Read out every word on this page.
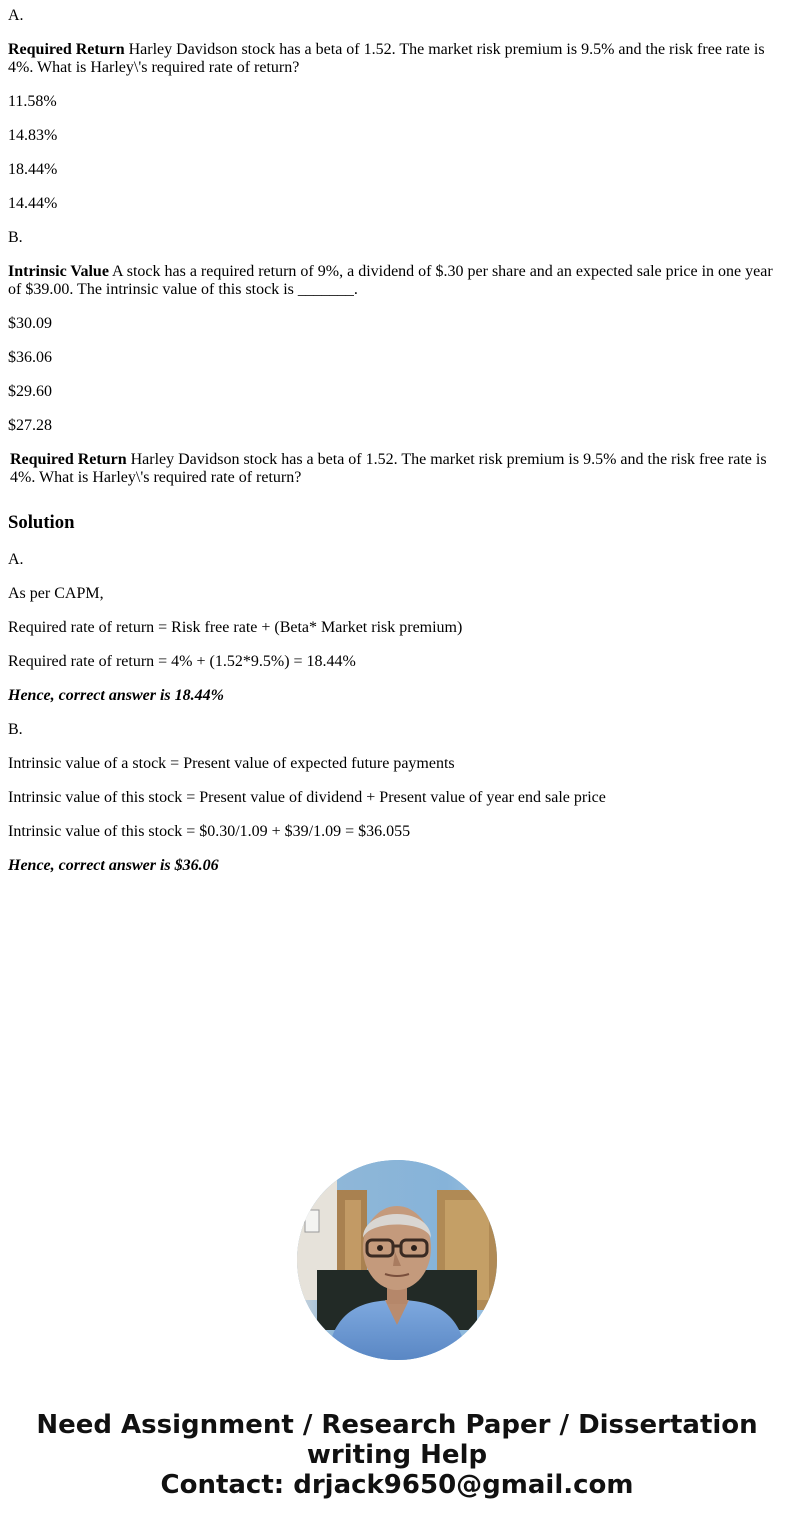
A.

Required Return Harley Davidson stock has a beta of 1.52. The market risk premium is 9.5% and the risk free rate is 4%. What is Harley\'s required rate of return?

11.58%

14.83%

18.44%

14.44%

B.

Intrinsic Value A stock has a required return of 9%, a dividend of $.30 per share and an expected sale price in one year of $39.00. The intrinsic value of this stock is _______.

$30.09

$36.06

$29.60

$27.28

Required Return Harley Davidson stock has a beta of 1.52. The market risk premium is 9.5% and the risk free rate is 4%. What is Harley\'s required rate of return?
Solution

A.

As per CAPM,

Required rate of return = Risk free rate + (Beta* Market risk premium)

Required rate of return = 4% + (1.52*9.5%) = 18.44%

Hence, correct answer is 18.44%

B.

Intrinsic value of a stock = Present value of expected future payments

Intrinsic value of this stock = Present value of dividend + Present value of year end sale price

Intrinsic value of this stock = $0.30/1.09 + $39/1.09 = $36.055

Hence, correct answer is $36.06

Need Assignment / Research Paper / Dissertation writing Help
Contact: drjack9650@gmail.com
